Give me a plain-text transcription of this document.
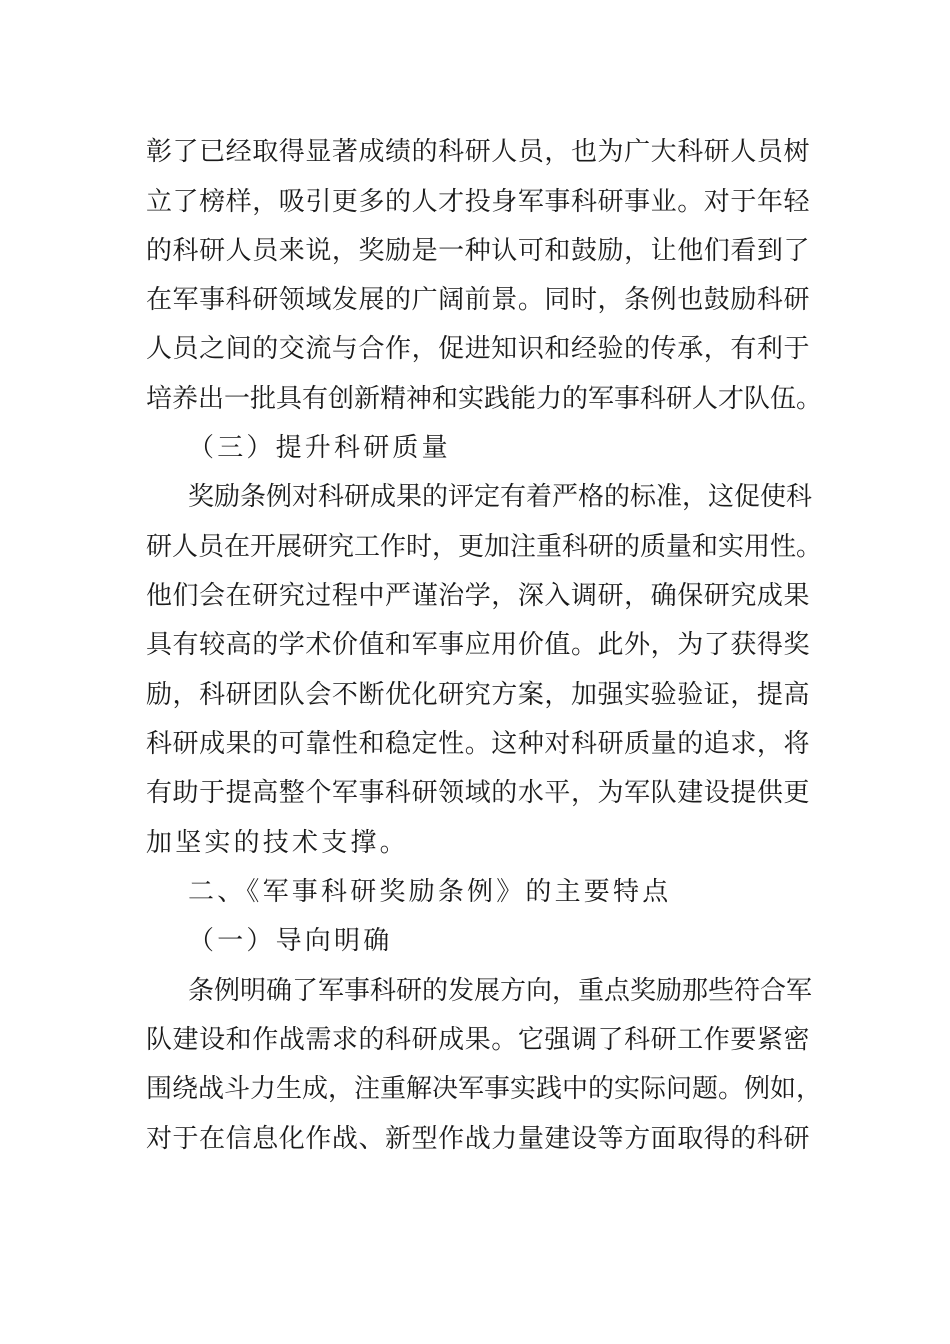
彰了已经取得显著成绩的科研人员，也为广大科研人员树
立了榜样，吸引更多的人才投身军事科研事业。对于年轻
的科研人员来说，奖励是一种认可和鼓励，让他们看到了
在军事科研领域发展的广阔前景。同时，条例也鼓励科研
人员之间的交流与合作，促进知识和经验的传承，有利于
培养出一批具有创新精神和实践能力的军事科研人才队伍。
（三）提升科研质量
奖励条例对科研成果的评定有着严格的标准，这促使科
研人员在开展研究工作时，更加注重科研的质量和实用性。
他们会在研究过程中严谨治学，深入调研，确保研究成果
具有较高的学术价值和军事应用价值。此外，为了获得奖
励，科研团队会不断优化研究方案，加强实验验证，提高
科研成果的可靠性和稳定性。这种对科研质量的追求，将
有助于提高整个军事科研领域的水平，为军队建设提供更
加坚实的技术支撑。
二、《军事科研奖励条例》的主要特点
（一）导向明确
条例明确了军事科研的发展方向，重点奖励那些符合军
队建设和作战需求的科研成果。它强调了科研工作要紧密
围绕战斗力生成，注重解决军事实践中的实际问题。例如，
对于在信息化作战、新型作战力量建设等方面取得的科研
